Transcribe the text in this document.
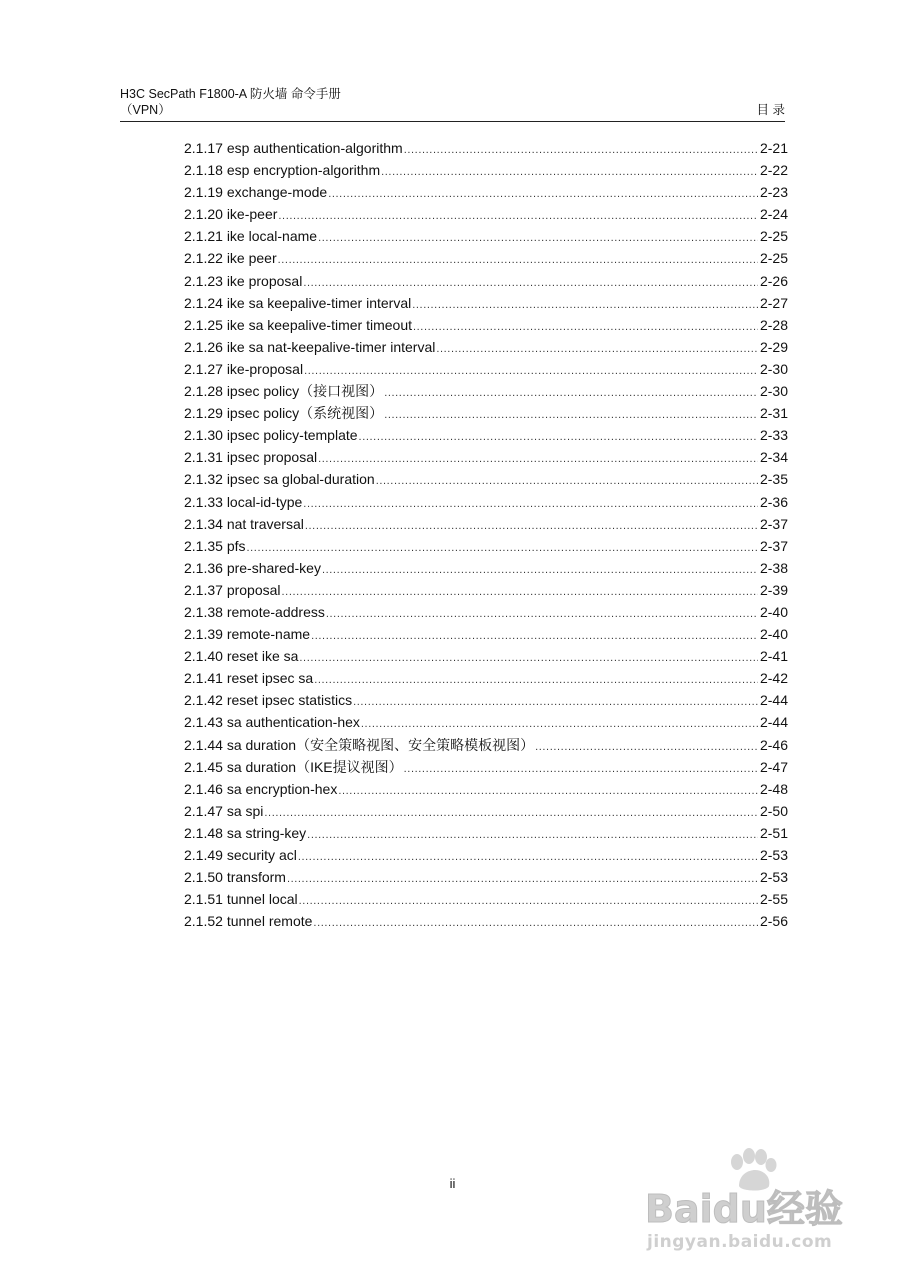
H3C SecPath F1800-A 防火墙 命令手册
（VPN）	目 录
2.1.17 esp authentication-algorithm .....	2-21
2.1.18 esp encryption-algorithm .....	2-22
2.1.19 exchange-mode .....	2-23
2.1.20 ike-peer .....	2-24
2.1.21 ike local-name .....	2-25
2.1.22 ike peer .....	2-25
2.1.23 ike proposal .....	2-26
2.1.24 ike sa keepalive-timer interval .....	2-27
2.1.25 ike sa keepalive-timer timeout .....	2-28
2.1.26 ike sa nat-keepalive-timer interval .....	2-29
2.1.27 ike-proposal .....	2-30
2.1.28 ipsec policy（接口视图） .....	2-30
2.1.29 ipsec policy（系统视图） .....	2-31
2.1.30 ipsec policy-template .....	2-33
2.1.31 ipsec proposal .....	2-34
2.1.32 ipsec sa global-duration .....	2-35
2.1.33 local-id-type .....	2-36
2.1.34 nat traversal .....	2-37
2.1.35 pfs .....	2-37
2.1.36 pre-shared-key .....	2-38
2.1.37 proposal .....	2-39
2.1.38 remote-address .....	2-40
2.1.39 remote-name .....	2-40
2.1.40 reset ike sa .....	2-41
2.1.41 reset ipsec sa .....	2-42
2.1.42 reset ipsec statistics .....	2-44
2.1.43 sa authentication-hex .....	2-44
2.1.44 sa duration（安全策略视图、安全策略模板视图） .....	2-46
2.1.45 sa duration（IKE提议视图） .....	2-47
2.1.46 sa encryption-hex .....	2-48
2.1.47 sa spi .....	2-50
2.1.48 sa string-key .....	2-51
2.1.49 security acl .....	2-53
2.1.50 transform .....	2-53
2.1.51 tunnel local .....	2-55
2.1.52 tunnel remote .....	2-56
ii
Baidu经验
jingyan.baidu.com
